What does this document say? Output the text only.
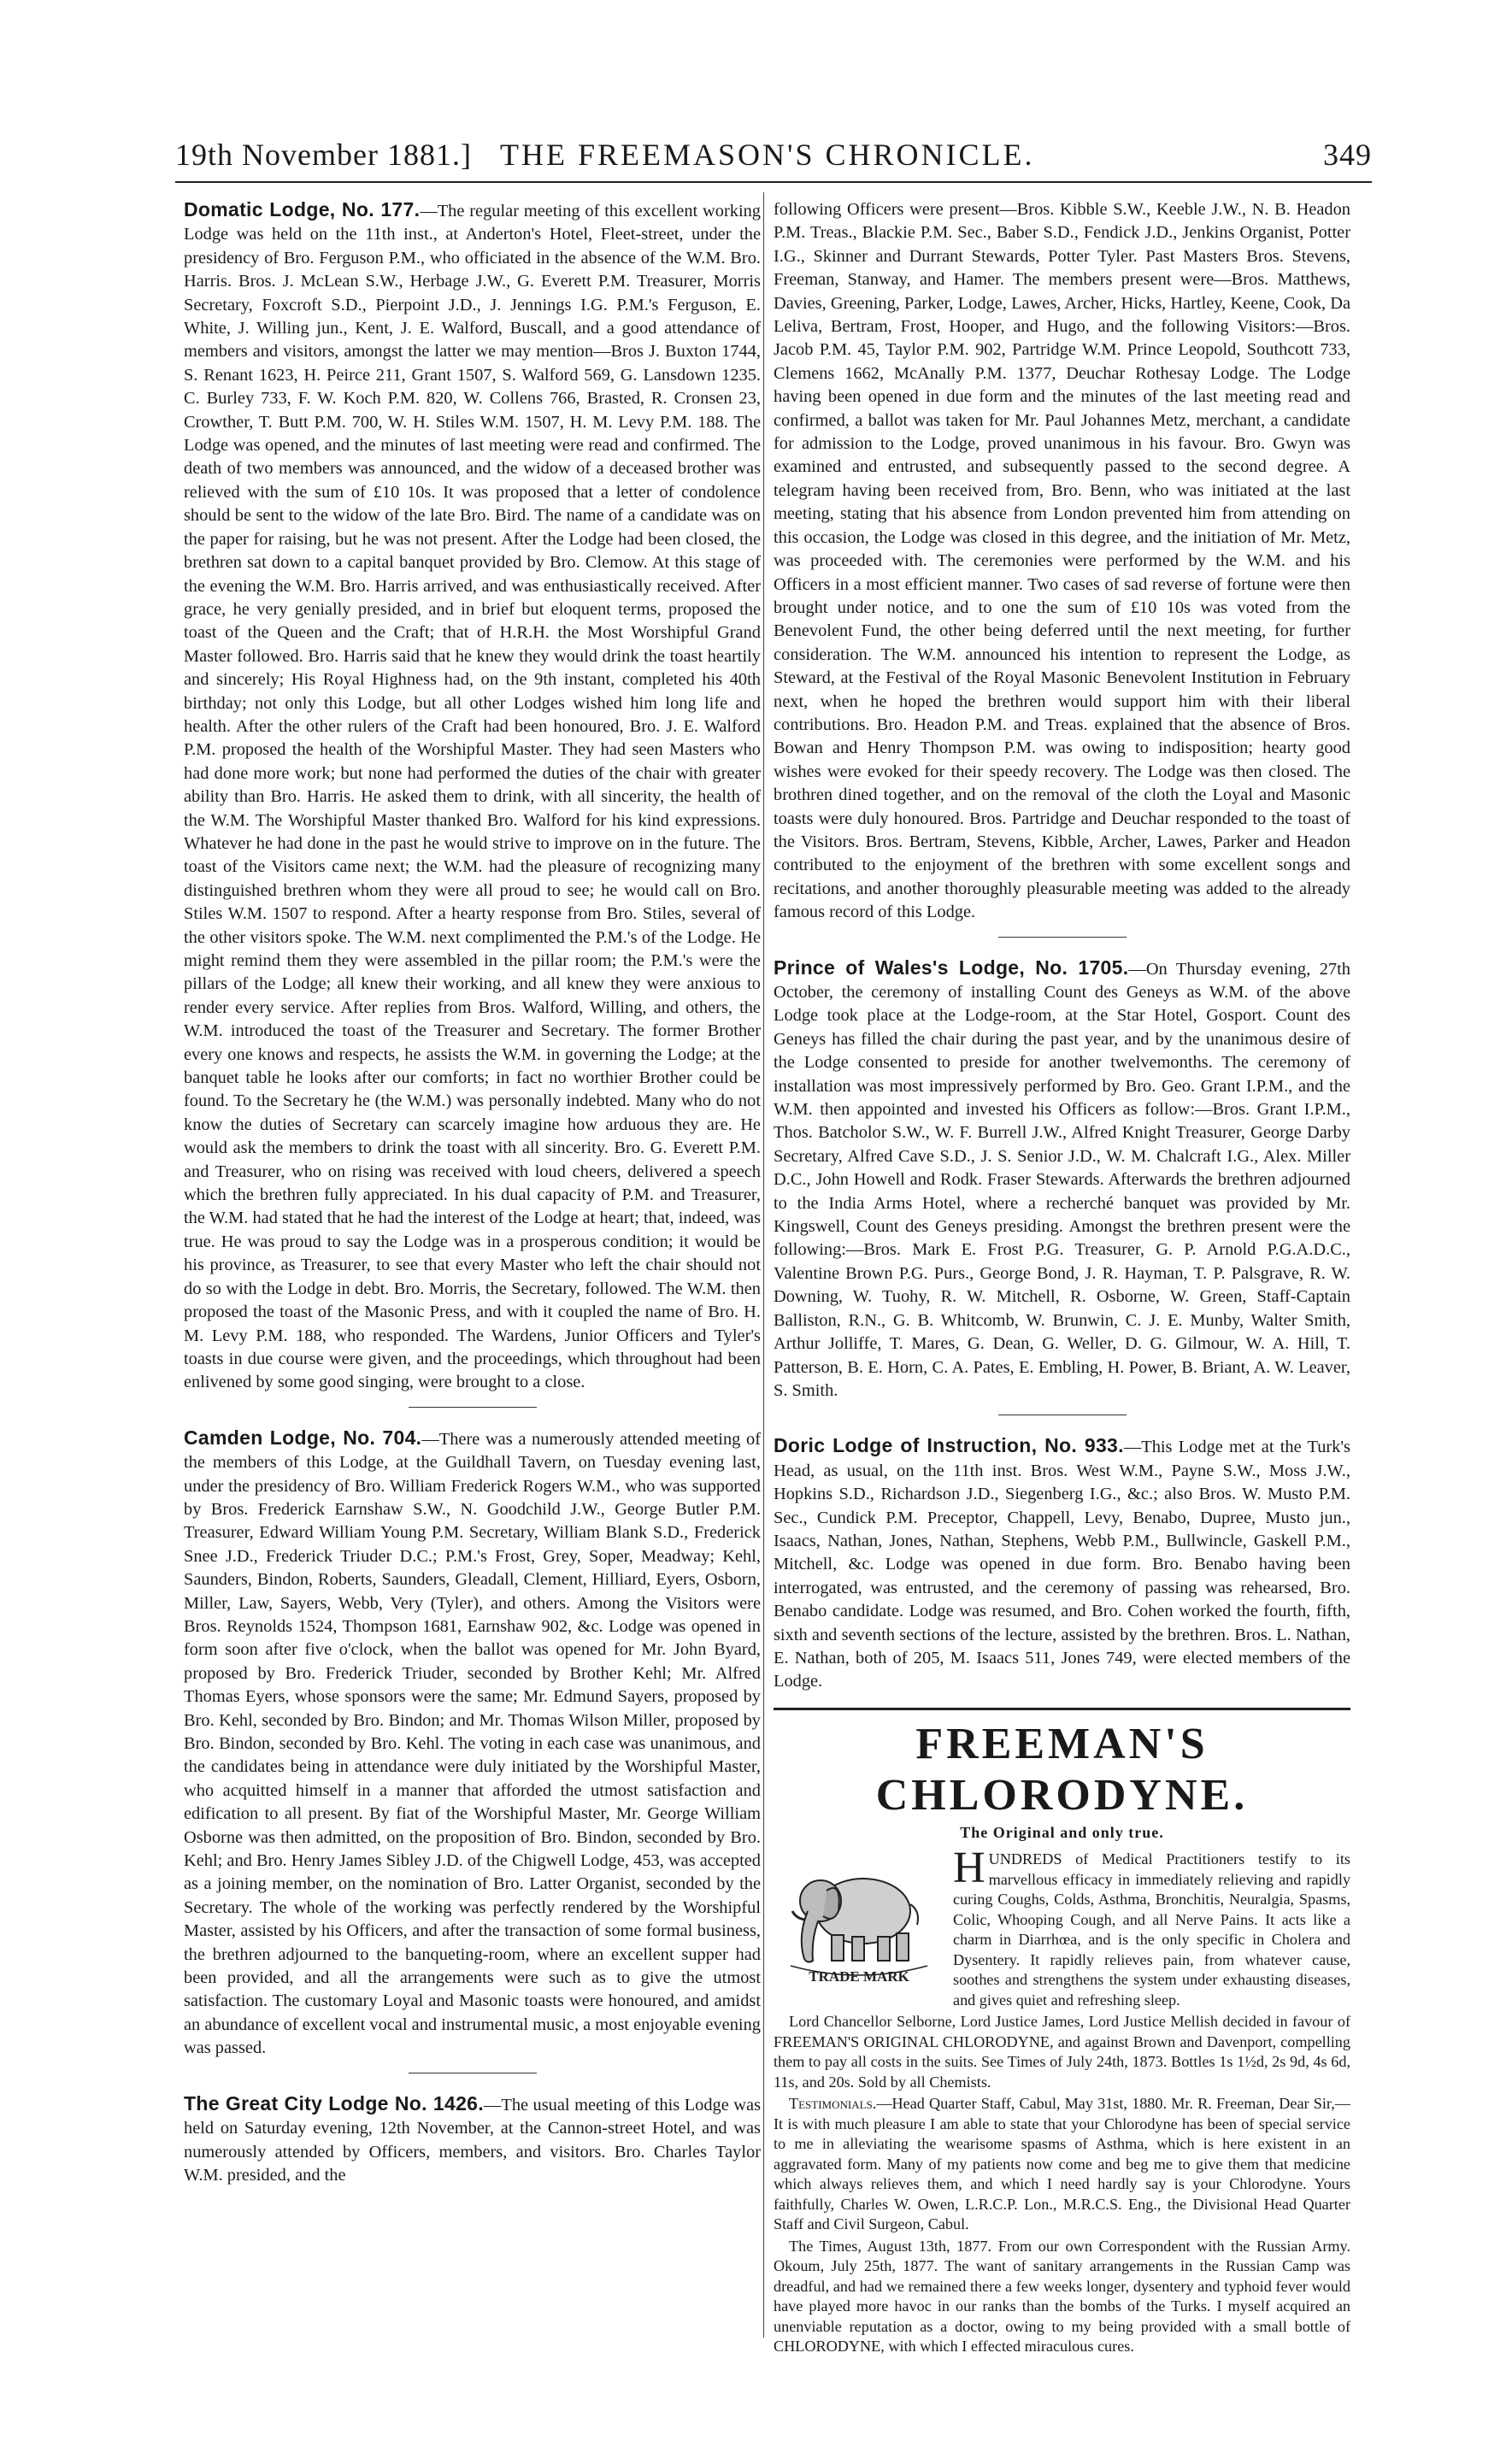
19th November 1881.] THE FREEMASON'S CHRONICLE.	349

Domatic Lodge, No. 177.—The regular meeting of this excellent working Lodge was held on the 11th inst., at Anderton's Hotel, Fleet-street, under the presidency of Bro. Ferguson P.M., who officiated in the absence of the W.M. Bro. Harris. Bros. J. McLean S.W., Herbage J.W., G. Everett P.M. Treasurer, Morris Secretary, Foxcroft S.D., Pierpoint J.D., J. Jennings I.G. P.M.'s Ferguson, E. White, J. Willing jun., Kent, J. E. Walford, Buscall, and a good attendance of members and visitors, amongst the latter we may mention—Bros J. Buxton 1744, S. Renant 1623, H. Peirce 211, Grant 1507, S. Walford 569, G. Lansdown 1235. C. Burley 733, F. W. Koch P.M. 820, W. Collens 766, Brasted, R. Cronsen 23, Crowther, T. Butt P.M. 700, W. H. Stiles W.M. 1507, H. M. Levy P.M. 188. The Lodge was opened, and the minutes of last meeting were read and confirmed. The death of two members was announced, and the widow of a deceased brother was relieved with the sum of £10 10s. It was proposed that a letter of condolence should be sent to the widow of the late Bro. Bird. The name of a candidate was on the paper for raising, but he was not present. After the Lodge had been closed, the brethren sat down to a capital banquet provided by Bro. Clemow. At this stage of the evening the W.M. Bro. Harris arrived, and was enthusiastically received. After grace, he very genially presided, and in brief but eloquent terms, proposed the toast of the Queen and the Craft; that of H.R.H. the Most Worshipful Grand Master followed. Bro. Harris said that he knew they would drink the toast heartily and sincerely; His Royal Highness had, on the 9th instant, completed his 40th birthday; not only this Lodge, but all other Lodges wished him long life and health. After the other rulers of the Craft had been honoured, Bro. J. E. Walford P.M. proposed the health of the Worshipful Master. They had seen Masters who had done more work; but none had performed the duties of the chair with greater ability than Bro. Harris. He asked them to drink, with all sincerity, the health of the W.M. The Worshipful Master thanked Bro. Walford for his kind expressions. Whatever he had done in the past he would strive to improve on in the future. The toast of the Visitors came next; the W.M. had the pleasure of recognizing many distinguished brethren whom they were all proud to see; he would call on Bro. Stiles W.M. 1507 to respond. After a hearty response from Bro. Stiles, several of the other visitors spoke. The W.M. next complimented the P.M.'s of the Lodge. He might remind them they were assembled in the pillar room; the P.M.'s were the pillars of the Lodge; all knew their working, and all knew they were anxious to render every service. After replies from Bros. Walford, Willing, and others, the W.M. introduced the toast of the Treasurer and Secretary. The former Brother every one knows and respects, he assists the W.M. in governing the Lodge; at the banquet table he looks after our comforts; in fact no worthier Brother could be found. To the Secretary he (the W.M.) was personally indebted. Many who do not know the duties of Secretary can scarcely imagine how arduous they are. He would ask the members to drink the toast with all sincerity. Bro. G. Everett P.M. and Treasurer, who on rising was received with loud cheers, delivered a speech which the brethren fully appreciated. In his dual capacity of P.M. and Treasurer, the W.M. had stated that he had the interest of the Lodge at heart; that, indeed, was true. He was proud to say the Lodge was in a prosperous condition; it would be his province, as Treasurer, to see that every Master who left the chair should not do so with the Lodge in debt. Bro. Morris, the Secretary, followed. The W.M. then proposed the toast of the Masonic Press, and with it coupled the name of Bro. H. M. Levy P.M. 188, who responded. The Wardens, Junior Officers and Tyler's toasts in due course were given, and the proceedings, which throughout had been enlivened by some good singing, were brought to a close.

Camden Lodge, No. 704.—There was a numerously attended meeting of the members of this Lodge, at the Guildhall Tavern, on Tuesday evening last, under the presidency of Bro. William Frederick Rogers W.M., who was supported by Bros. Frederick Earnshaw S.W., N. Goodchild J.W., George Butler P.M. Treasurer, Edward William Young P.M. Secretary, William Blank S.D., Frederick Snee J.D., Frederick Triuder D.C.; P.M.'s Frost, Grey, Soper, Meadway; Kehl, Saunders, Bindon, Roberts, Saunders, Gleadall, Clement, Hilliard, Eyers, Osborn, Miller, Law, Sayers, Webb, Very (Tyler), and others. Among the Visitors were Bros. Reynolds 1524, Thompson 1681, Earnshaw 902, &c. Lodge was opened in form soon after five o'clock, when the ballot was opened for Mr. John Byard, proposed by Bro. Frederick Triuder, seconded by Brother Kehl; Mr. Alfred Thomas Eyers, whose sponsors were the same; Mr. Edmund Sayers, proposed by Bro. Kehl, seconded by Bro. Bindon; and Mr. Thomas Wilson Miller, proposed by Bro. Bindon, seconded by Bro. Kehl. The voting in each case was unanimous, and the candidates being in attendance were duly initiated by the Worshipful Master, who acquitted himself in a manner that afforded the utmost satisfaction and edification to all present. By fiat of the Worshipful Master, Mr. George William Osborne was then admitted, on the proposition of Bro. Bindon, seconded by Bro. Kehl; and Bro. Henry James Sibley J.D. of the Chigwell Lodge, 453, was accepted as a joining member, on the nomination of Bro. Latter Organist, seconded by the Secretary. The whole of the working was perfectly rendered by the Worshipful Master, assisted by his Officers, and after the transaction of some formal business, the brethren adjourned to the banqueting-room, where an excellent supper had been provided, and all the arrangements were such as to give the utmost satisfaction. The customary Loyal and Masonic toasts were honoured, and amidst an abundance of excellent vocal and instrumental music, a most enjoyable evening was passed.

The Great City Lodge No. 1426.—The usual meeting of this Lodge was held on Saturday evening, 12th November, at the Cannon-street Hotel, and was numerously attended by Officers, members, and visitors. Bro. Charles Taylor W.M. presided, and the

following Officers were present—Bros. Kibble S.W., Keeble J.W., N. B. Headon P.M. Treas., Blackie P.M. Sec., Baber S.D., Fendick J.D., Jenkins Organist, Potter I.G., Skinner and Durrant Stewards, Potter Tyler. Past Masters Bros. Stevens, Freeman, Stanway, and Hamer. The members present were—Bros. Matthews, Davies, Greening, Parker, Lodge, Lawes, Archer, Hicks, Hartley, Keene, Cook, Da Leliva, Bertram, Frost, Hooper, and Hugo, and the following Visitors:—Bros. Jacob P.M. 45, Taylor P.M. 902, Partridge W.M. Prince Leopold, Southcott 733, Clemens 1662, McAnally P.M. 1377, Deuchar Rothesay Lodge. The Lodge having been opened in due form and the minutes of the last meeting read and confirmed, a ballot was taken for Mr. Paul Johannes Metz, merchant, a candidate for admission to the Lodge, proved unanimous in his favour. Bro. Gwyn was examined and entrusted, and subsequently passed to the second degree. A telegram having been received from, Bro. Benn, who was initiated at the last meeting, stating that his absence from London prevented him from attending on this occasion, the Lodge was closed in this degree, and the initiation of Mr. Metz, was proceeded with. The ceremonies were performed by the W.M. and his Officers in a most efficient manner. Two cases of sad reverse of fortune were then brought under notice, and to one the sum of £10 10s was voted from the Benevolent Fund, the other being deferred until the next meeting, for further consideration. The W.M. announced his intention to represent the Lodge, as Steward, at the Festival of the Royal Masonic Benevolent Institution in February next, when he hoped the brethren would support him with their liberal contributions. Bro. Headon P.M. and Treas. explained that the absence of Bros. Bowan and Henry Thompson P.M. was owing to indisposition; hearty good wishes were evoked for their speedy recovery. The Lodge was then closed. The brothren dined together, and on the removal of the cloth the Loyal and Masonic toasts were duly honoured. Bros. Partridge and Deuchar responded to the toast of the Visitors. Bros. Bertram, Stevens, Kibble, Archer, Lawes, Parker and Headon contributed to the enjoyment of the brethren with some excellent songs and recitations, and another thoroughly pleasurable meeting was added to the already famous record of this Lodge.

Prince of Wales's Lodge, No. 1705.—On Thursday evening, 27th October, the ceremony of installing Count des Geneys as W.M. of the above Lodge took place at the Lodge-room, at the Star Hotel, Gosport. Count des Geneys has filled the chair during the past year, and by the unanimous desire of the Lodge consented to preside for another twelvemonths. The ceremony of installation was most impressively performed by Bro. Geo. Grant I.P.M., and the W.M. then appointed and invested his Officers as follow:—Bros. Grant I.P.M., Thos. Batcholor S.W., W. F. Burrell J.W., Alfred Knight Treasurer, George Darby Secretary, Alfred Cave S.D., J. S. Senior J.D., W. M. Chalcraft I.G., Alex. Miller D.C., John Howell and Rodk. Fraser Stewards. Afterwards the brethren adjourned to the India Arms Hotel, where a recherché banquet was provided by Mr. Kingswell, Count des Geneys presiding. Amongst the brethren present were the following:—Bros. Mark E. Frost P.G. Treasurer, G. P. Arnold P.G.A.D.C., Valentine Brown P.G. Purs., George Bond, J. R. Hayman, T. P. Palsgrave, R. W. Downing, W. Tuohy, R. W. Mitchell, R. Osborne, W. Green, Staff-Captain Balliston, R.N., G. B. Whitcomb, W. Brunwin, C. J. E. Munby, Walter Smith, Arthur Jolliffe, T. Mares, G. Dean, G. Weller, D. G. Gilmour, W. A. Hill, T. Patterson, B. E. Horn, C. A. Pates, E. Embling, H. Power, B. Briant, A. W. Leaver, S. Smith.

Doric Lodge of Instruction, No. 933.—This Lodge met at the Turk's Head, as usual, on the 11th inst. Bros. West W.M., Payne S.W., Moss J.W., Hopkins S.D., Richardson J.D., Siegenberg I.G., &c.; also Bros. W. Musto P.M. Sec., Cundick P.M. Preceptor, Chappell, Levy, Benabo, Dupree, Musto jun., Isaacs, Nathan, Jones, Nathan, Stephens, Webb P.M., Bullwincle, Gaskell P.M., Mitchell, &c. Lodge was opened in due form. Bro. Benabo having been interrogated, was entrusted, and the ceremony of passing was rehearsed, Bro. Benabo candidate. Lodge was resumed, and Bro. Cohen worked the fourth, fifth, sixth and seventh sections of the lecture, assisted by the brethren. Bros. L. Nathan, E. Nathan, both of 205, M. Isaacs 511, Jones 749, were elected members of the Lodge.

FREEMAN'S CHLORODYNE.
The Original and only true.

TRADE MARK
H UNDREDS of Medical Practitioners testify to its marvellous efficacy in immediately relieving and rapidly curing Coughs, Colds, Asthma, Bronchitis, Neuralgia, Spasms, Colic, Whooping Cough, and all Nerve Pains. It acts like a charm in Diarrhœa, and is the only specific in Cholera and Dysentery. It rapidly relieves pain, from whatever cause, soothes and strengthens the system under exhausting diseases, and gives quiet and refreshing sleep.

Lord Chancellor Selborne, Lord Justice James, Lord Justice Mellish decided in favour of FREEMAN'S ORIGINAL CHLORODYNE, and against Brown and Davenport, compelling them to pay all costs in the suits. See Times of July 24th, 1873. Bottles 1s 1½d, 2s 9d, 4s 6d, 11s, and 20s. Sold by all Chemists.

Testimonials.—Head Quarter Staff, Cabul, May 31st, 1880. Mr. R. Freeman, Dear Sir,—It is with much pleasure I am able to state that your Chlorodyne has been of special service to me in alleviating the wearisome spasms of Asthma, which is here existent in an aggravated form. Many of my patients now come and beg me to give them that medicine which always relieves them, and which I need hardly say is your Chlorodyne. Yours faithfully, Charles W. Owen, L.R.C.P. Lon., M.R.C.S. Eng., the Divisional Head Quarter Staff and Civil Surgeon, Cabul.

The Times, August 13th, 1877. From our own Correspondent with the Russian Army. Okoum, July 25th, 1877. The want of sanitary arrangements in the Russian Camp was dreadful, and had we remained there a few weeks longer, dysentery and typhoid fever would have played more havoc in our ranks than the bombs of the Turks. I myself acquired an unenviable reputation as a doctor, owing to my being provided with a small bottle of CHLORODYNE, with which I effected miraculous cures.
